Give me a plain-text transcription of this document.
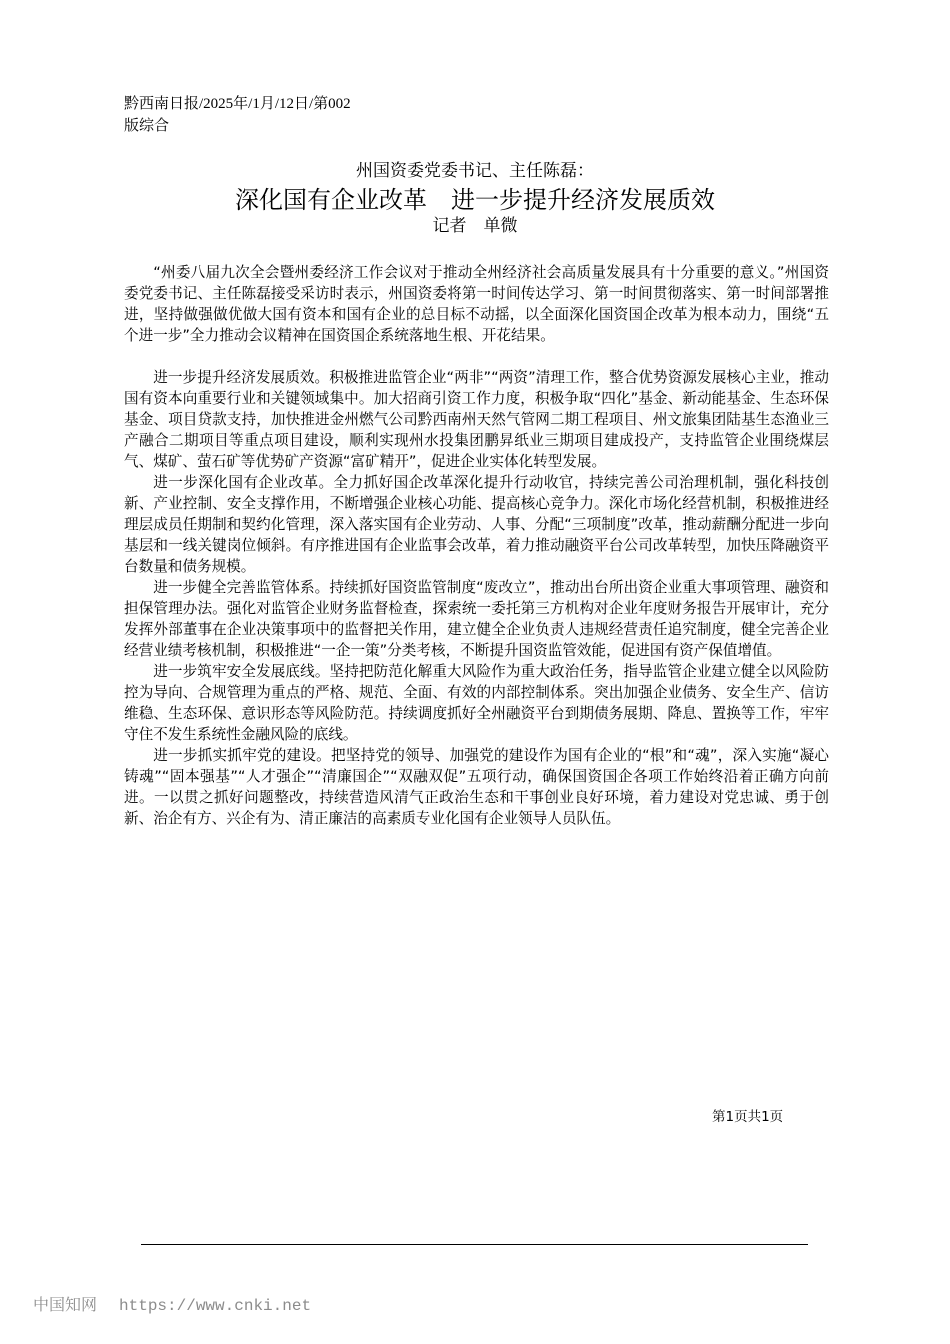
黔西南日报/2025年/1月/12日/第002
版综合
州国资委党委书记、主任陈磊：
深化国有企业改革　进一步提升经济发展质效
记者　单微

“州委八届九次全会暨州委经济工作会议对于推动全州经济社会高质量发展具有十分重要的意义。”州国资委党委书记、主任陈磊接受采访时表示，州国资委将第一时间传达学习、第一时间贯彻落实、第一时间部署推进，坚持做强做优做大国有资本和国有企业的总目标不动摇，以全面深化国资国企改革为根本动力，围绕“五个进一步”全力推动会议精神在国资国企系统落地生根、开花结果。

进一步提升经济发展质效。积极推进监管企业“两非”“两资”清理工作，整合优势资源发展核心主业，推动国有资本向重要行业和关键领域集中。加大招商引资工作力度，积极争取“四化”基金、新动能基金、生态环保基金、项目贷款支持，加快推进金州燃气公司黔西南州天然气管网二期工程项目、州文旅集团陆基生态渔业三产融合二期项目等重点项目建设，顺利实现州水投集团鹏昇纸业三期项目建成投产，支持监管企业围绕煤层气、煤矿、萤石矿等优势矿产资源“富矿精开”，促进企业实体化转型发展。

进一步深化国有企业改革。全力抓好国企改革深化提升行动收官，持续完善公司治理机制，强化科技创新、产业控制、安全支撑作用，不断增强企业核心功能、提高核心竞争力。深化市场化经营机制，积极推进经理层成员任期制和契约化管理，深入落实国有企业劳动、人事、分配“三项制度”改革，推动薪酬分配进一步向基层和一线关键岗位倾斜。有序推进国有企业监事会改革，着力推动融资平台公司改革转型，加快压降融资平台数量和债务规模。

进一步健全完善监管体系。持续抓好国资监管制度“废改立”，推动出台所出资企业重大事项管理、融资和担保管理办法。强化对监管企业财务监督检查，探索统一委托第三方机构对企业年度财务报告开展审计，充分发挥外部董事在企业决策事项中的监督把关作用，建立健全企业负责人违规经营责任追究制度，健全完善企业经营业绩考核机制，积极推进“一企一策”分类考核，不断提升国资监管效能，促进国有资产保值增值。

进一步筑牢安全发展底线。坚持把防范化解重大风险作为重大政治任务，指导监管企业建立健全以风险防控为导向、合规管理为重点的严格、规范、全面、有效的内部控制体系。突出加强企业债务、安全生产、信访维稳、生态环保、意识形态等风险防范。持续调度抓好全州融资平台到期债务展期、降息、置换等工作，牢牢守住不发生系统性金融风险的底线。

进一步抓实抓牢党的建设。把坚持党的领导、加强党的建设作为国有企业的“根”和“魂”，深入实施“凝心铸魂”“固本强基”“人才强企”“清廉国企”“双融双促”五项行动，确保国资国企各项工作始终沿着正确方向前进。一以贯之抓好问题整改，持续营造风清气正政治生态和干事创业良好环境，着力建设对党忠诚、勇于创新、治企有方、兴企有为、清正廉洁的高素质专业化国有企业领导人员队伍。

第1页共1页
中国知网 https://www.cnki.net
